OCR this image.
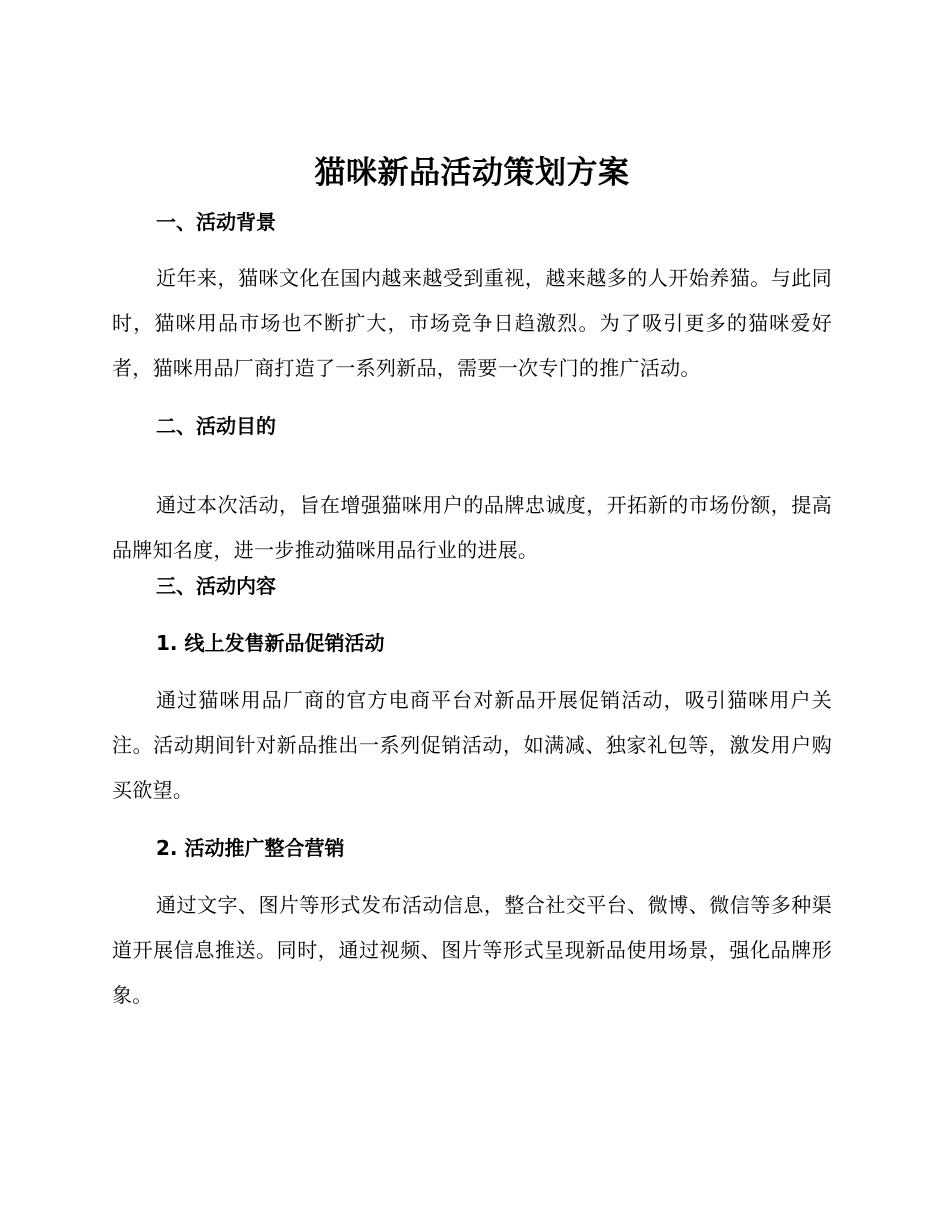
猫咪新品活动策划方案
一、活动背景

近年来，猫咪文化在国内越来越受到重视，越来越多的人开始养猫。与此同时，猫咪用品市场也不断扩大，市场竞争日趋激烈。为了吸引更多的猫咪爱好者，猫咪用品厂商打造了一系列新品，需要一次专门的推广活动。

二、活动目的

通过本次活动，旨在增强猫咪用户的品牌忠诚度，开拓新的市场份额，提高品牌知名度，进一步推动猫咪用品行业的进展。

三、活动内容
1. 线上发售新品促销活动

通过猫咪用品厂商的官方电商平台对新品开展促销活动，吸引猫咪用户关注。活动期间针对新品推出一系列促销活动，如满减、独家礼包等，激发用户购买欲望。

2. 活动推广整合营销

通过文字、图片等形式发布活动信息，整合社交平台、微博、微信等多种渠道开展信息推送。同时，通过视频、图片等形式呈现新品使用场景，强化品牌形象。
